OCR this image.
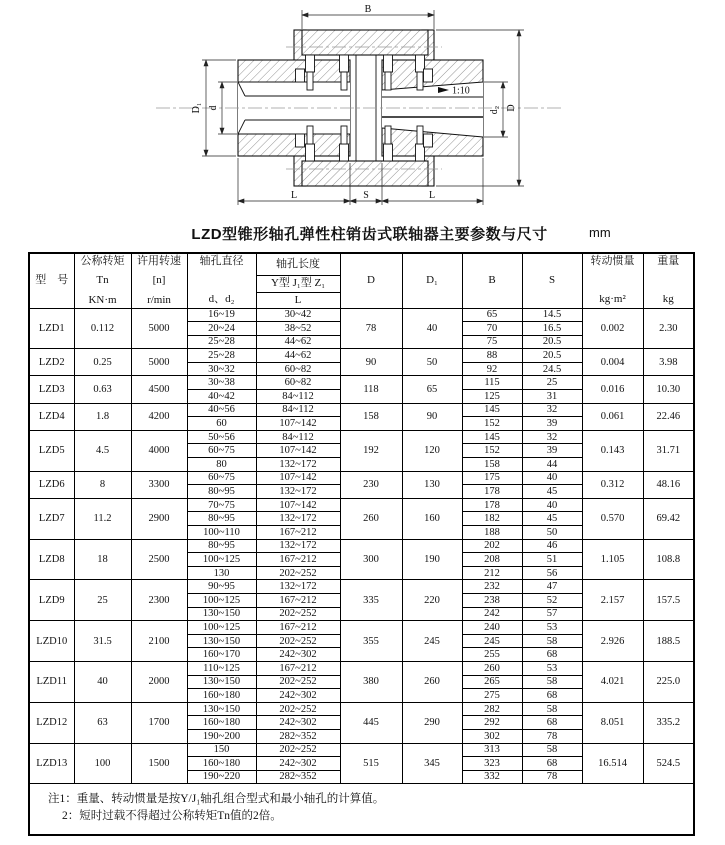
1:10
B
D₁ d	d₂ D
L	S	L
LZD型锥形轴孔弹性柱销齿式联轴器主要参数与尺寸	mm
型　号	公称转矩
Tn
KN·m	许用转速
[n]
r/min	轴孔直径
d、d₂	轴孔长度	D	D₁	B	S	转动惯量
kg·m²	重量
kg

				Y型 J₁型 Z₁						
				L						
LZD1	0.112	5000	16~19	30~42	78	40	65	14.5	0.002	2.30
			20~24	38~52			70	16.5		
			25~28	44~62			75	20.5		
LZD2	0.25	5000	25~28	44~62	90	50	88	20.5	0.004	3.98
			30~32	60~82			92	24.5		
LZD3	0.63	4500	30~38	60~82	118	65	115	25	0.016	10.30
			40~42	84~112			125	31		
LZD4	1.8	4200	40~56	84~112	158	90	145	32	0.061	22.46
			60	107~142			152	39		
LZD5	4.5	4000	50~56	84~112	192	120	145	32	0.143	31.71
			60~75	107~142			152	39		
			80	132~172			158	44		
LZD6	8	3300	60~75	107~142	230	130	175	40	0.312	48.16
			80~95	132~172			178	45		
LZD7	11.2	2900	70~75	107~142	260	160	178	40	0.570	69.42
			80~95	132~172			182	45		
			100~110	167~212			188	50		
LZD8	18	2500	80~95	132~172	300	190	202	46	1.105	108.8
			100~125	167~212			208	51		
			130	202~252			212	56		
LZD9	25	2300	90~95	132~172	335	220	232	47	2.157	157.5
			100~125	167~212			238	52		
			130~150	202~252			242	57		
LZD10	31.5	2100	100~125	167~212	355	245	240	53	2.926	188.5
			130~150	202~252			245	58		
			160~170	242~302			255	68		
LZD11	40	2000	110~125	167~212	380	260	260	53	4.021	225.0
			130~150	202~252			265	58		
			160~180	242~302			275	68		
LZD12	63	1700	130~150	202~252	445	290	282	58	8.051	335.2
			160~180	242~302			292	68		
			190~200	282~352			302	78		
LZD13	100	1500	150	202~252	515	345	313	58	16.514	524.5
			160~180	242~302			323	68		
			190~220	282~352			332	78		

注1：重量、转动惯量是按Y/J₁轴孔组合型式和最小轴孔的计算值。
2：短时过载不得超过公称转矩Tn值的2倍。										
